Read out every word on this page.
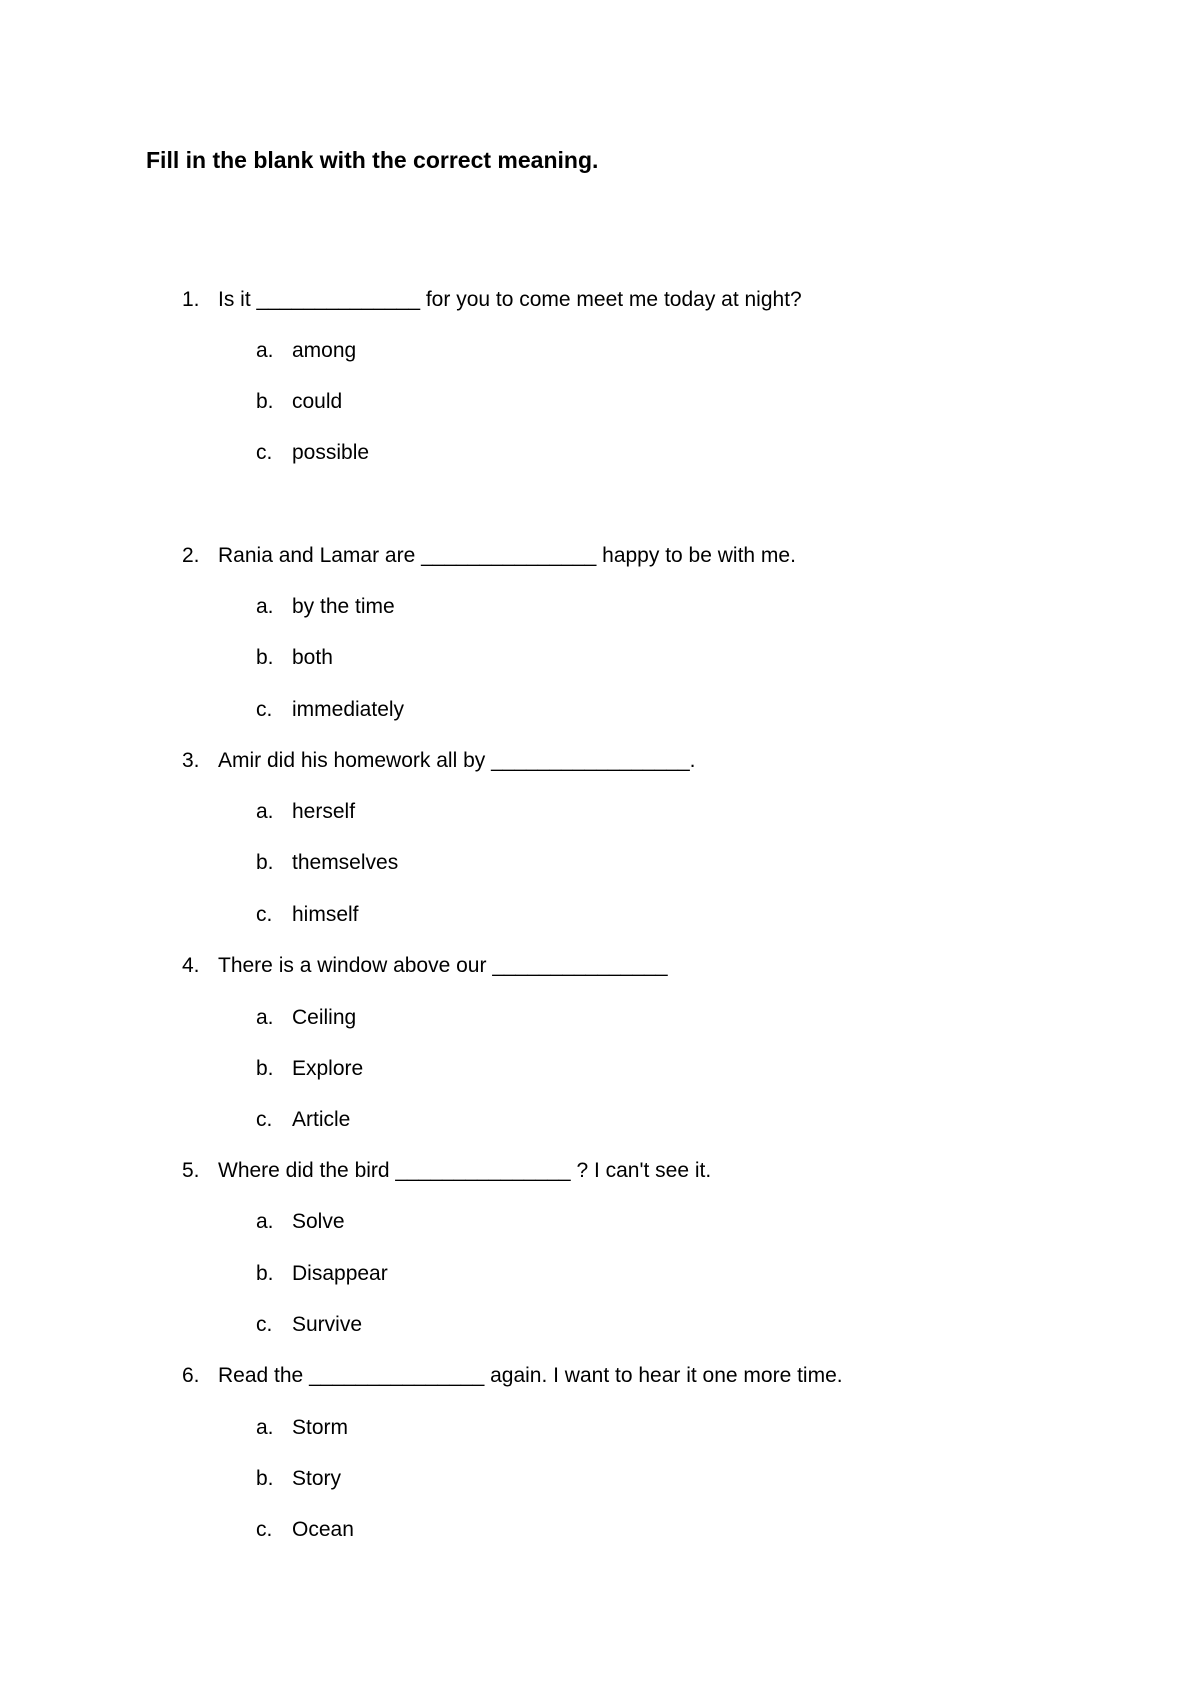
Fill in the blank with the correct meaning.
1. Is it ______________ for you to come meet me today at night?
a. among
b. could
c. possible
2. Rania and Lamar are _______________ happy to be with me.
a. by the time
b. both
c. immediately
3. Amir did his homework all by _________________.
a. herself
b. themselves
c. himself
4. There is a window above our _______________
a. Ceiling
b. Explore
c. Article
5. Where did the bird _______________ ? I can't see it.
a. Solve
b. Disappear
c. Survive
6. Read the _______________ again. I want to hear it one more time.
a. Storm
b. Story
c. Ocean
